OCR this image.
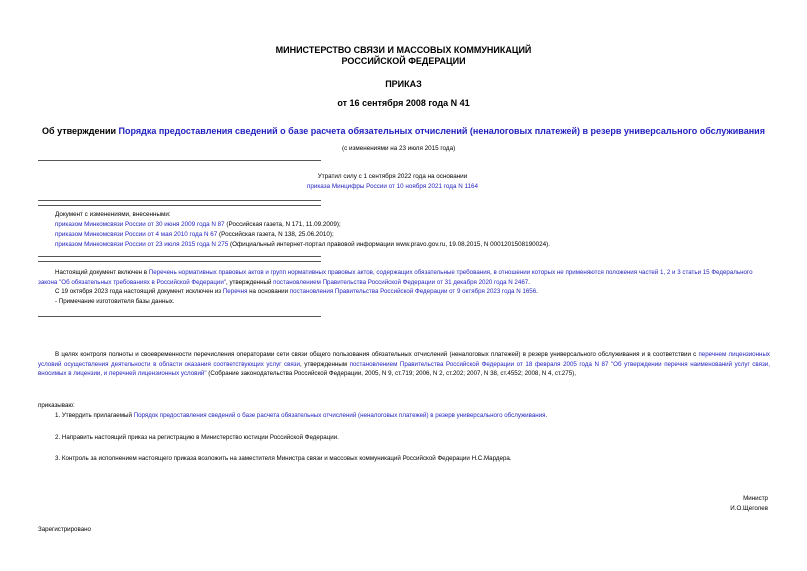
МИНИСТЕРСТВО СВЯЗИ И МАССОВЫХ КОММУНИКАЦИЙ
РОССИЙСКОЙ ФЕДЕРАЦИИ
ПРИКАЗ
от 16 сентября 2008 года N 41
Об утверждении Порядка предоставления сведений о базе расчета обязательных отчислений (неналоговых платежей) в резерв универсального обслуживания
(с изменениями на 23 июля 2015 года)
Утратил силу с 1 сентября 2022 года на основании
приказа Минцифры России от 10 ноября 2021 года N 1164
Документ с изменениями, внесенными:
приказом Минкомсвязи России от 30 июня 2009 года N 87 (Российская газета, N 171, 11.09.2009);
приказом Минкомсвязи России от 4 мая 2010 года N 67 (Российская газета, N 138, 25.06.2010);
приказом Минкомсвязи России от 23 июля 2015 года N 275 (Официальный интернет-портал правовой информации www.pravo.gov.ru, 19.08.2015, N 0001201508190024).
Настоящий документ включен в Перечень нормативных правовых актов и групп нормативных правовых актов, содержащих обязательные требования, в отношении которых не применяются положения частей 1, 2 и 3 статьи 15 Федерального закона "Об обязательных требованиях в Российской Федерации", утвержденный постановлением Правительства Российской Федерации от 31 декабря 2020 года N 2467.
С 19 октября 2023 года настоящий документ исключен из Перечня на основании постановления Правительства Российской Федерации от 9 октября 2023 года N 1656.
- Примечание изготовителя базы данных.
В целях контроля полноты и своевременности перечисления операторами сети связи общего пользования обязательных отчислений (неналоговых платежей) в резерв универсального обслуживания и в соответствии с перечнем лицензионных условий осуществления деятельности в области оказания соответствующих услуг связи, утвержденным постановлением Правительства Российской Федерации от 18 февраля 2005 года N 87 "Об утверждении перечня наименований услуг связи, вносимых в лицензии, и перечней лицензионных условий" (Собрание законодательства Российской Федерации, 2005, N 9, ст.719; 2006, N 2, ст.202; 2007, N 38, ст.4552; 2008, N 4, ст.275),
приказываю:
1. Утвердить прилагаемый Порядок предоставления сведений о базе расчета обязательных отчислений (неналоговых платежей) в резерв универсального обслуживания.
2. Направить настоящий приказ на регистрацию в Министерство юстиции Российской Федерации.
3. Контроль за исполнением настоящего приказа возложить на заместителя Министра связи и массовых коммуникаций Российской Федерации Н.С.Мардера.
Министр
И.О.Щеголев
Зарегистрировано
